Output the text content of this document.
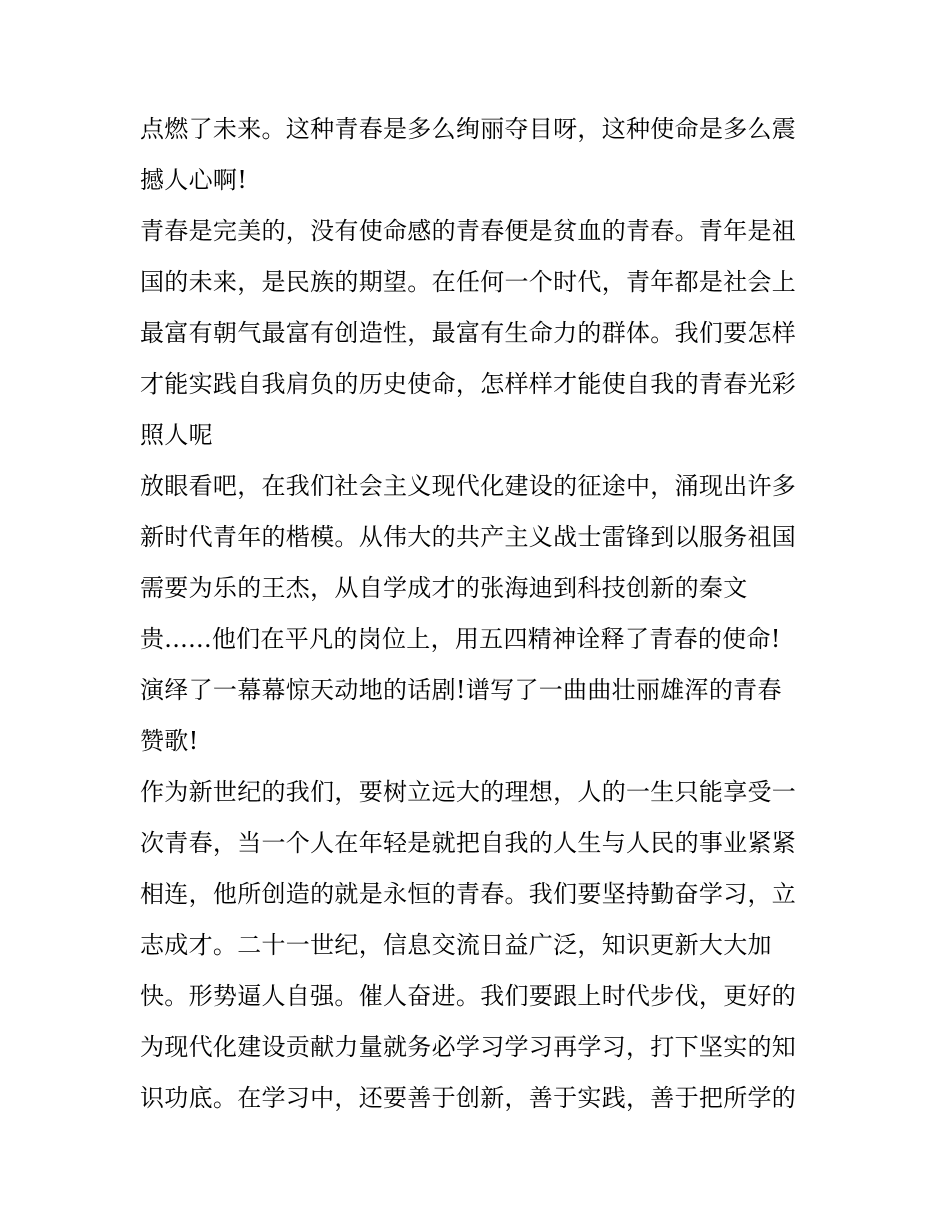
点燃了未来。这种青春是多么绚丽夺目呀，这种使命是多么震
撼人心啊!
青春是完美的，没有使命感的青春便是贫血的青春。青年是祖
国的未来，是民族的期望。在任何一个时代，青年都是社会上
最富有朝气最富有创造性，最富有生命力的群体。我们要怎样
才能实践自我肩负的历史使命，怎样样才能使自我的青春光彩
照人呢
放眼看吧，在我们社会主义现代化建设的征途中，涌现出许多
新时代青年的楷模。从伟大的共产主义战士雷锋到以服务祖国
需要为乐的王杰，从自学成才的张海迪到科技创新的秦文
贵......他们在平凡的岗位上，用五四精神诠释了青春的使命!
演绎了一幕幕惊天动地的话剧!谱写了一曲曲壮丽雄浑的青春
赞歌!
作为新世纪的我们，要树立远大的理想，人的一生只能享受一
次青春，当一个人在年轻是就把自我的人生与人民的事业紧紧
相连，他所创造的就是永恒的青春。我们要坚持勤奋学习，立
志成才。二十一世纪，信息交流日益广泛，知识更新大大加
快。形势逼人自强。催人奋进。我们要跟上时代步伐，更好的
为现代化建设贡献力量就务必学习学习再学习，打下坚实的知
识功底。在学习中，还要善于创新，善于实践，善于把所学的
